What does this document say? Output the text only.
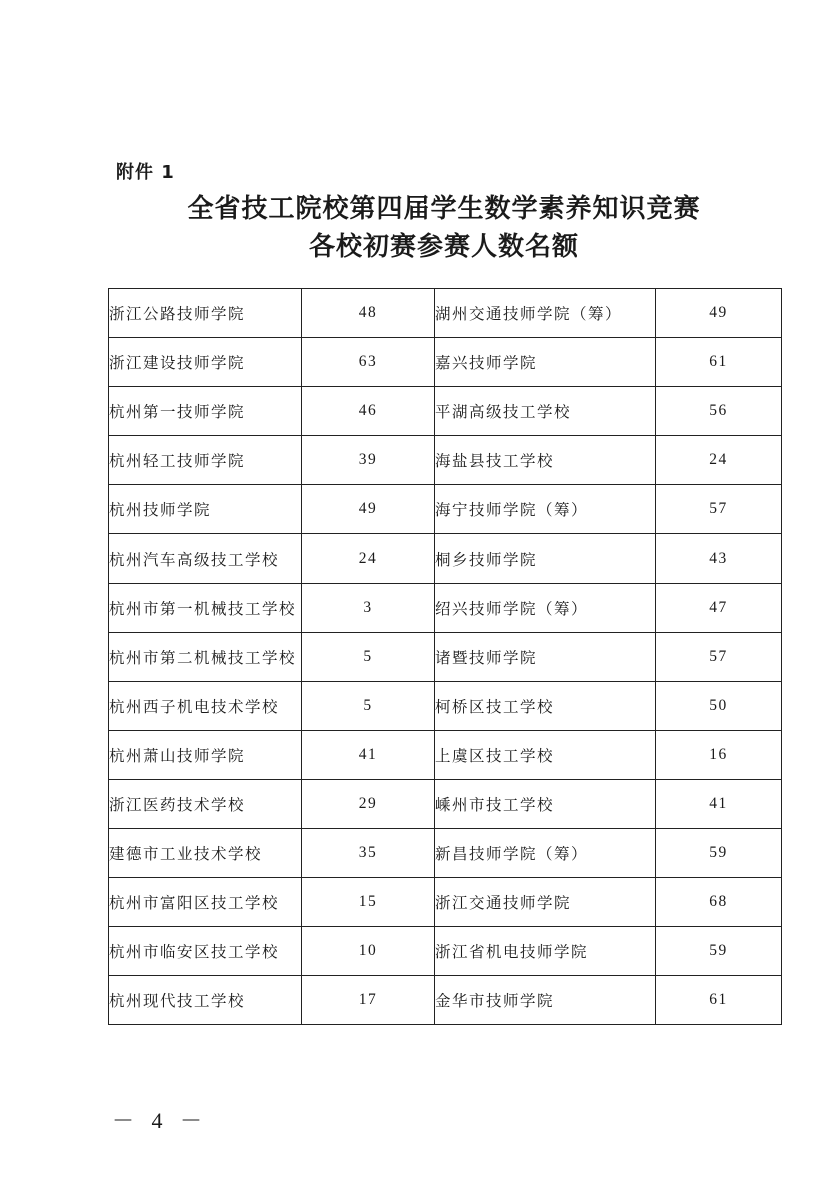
附件 1
全省技工院校第四届学生数学素养知识竞赛
各校初赛参赛人数名额
浙江公路技师学院	48	湖州交通技师学院（筹）	49
浙江建设技师学院	63	嘉兴技师学院	61
杭州第一技师学院	46	平湖高级技工学校	56
杭州轻工技师学院	39	海盐县技工学校	24
杭州技师学院	49	海宁技师学院（筹）	57
杭州汽车高级技工学校	24	桐乡技师学院	43
杭州市第一机械技工学校	3	绍兴技师学院（筹）	47
杭州市第二机械技工学校	5	诸暨技师学院	57
杭州西子机电技术学校	5	柯桥区技工学校	50
杭州萧山技师学院	41	上虞区技工学校	16
浙江医药技术学校	29	嵊州市技工学校	41
建德市工业技术学校	35	新昌技师学院（筹）	59
杭州市富阳区技工学校	15	浙江交通技师学院	68
杭州市临安区技工学校	10	浙江省机电技师学院	59
杭州现代技工学校	17	金华市技师学院	61
－ 4 －
